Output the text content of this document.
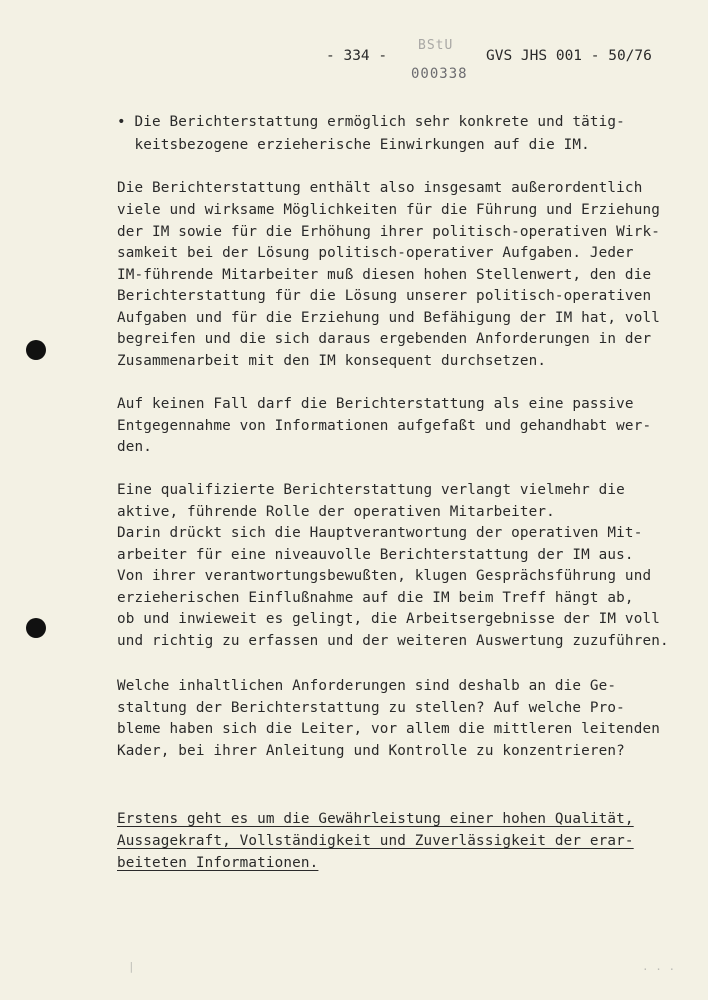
- 334 -
BStU
000338
GVS JHS 001 - 50/76
• Die Berichterstattung ermöglich sehr konkrete und tätig-
keitsbezogene erzieherische Einwirkungen auf die IM.
Die Berichterstattung enthält also insgesamt außerordentlich
viele und wirksame Möglichkeiten für die Führung und Erziehung
der IM sowie für die Erhöhung ihrer politisch-operativen Wirk-
samkeit bei der Lösung politisch-operativer Aufgaben. Jeder
IM-führende Mitarbeiter muß diesen hohen Stellenwert, den die
Berichterstattung für die Lösung unserer politisch-operativen
Aufgaben und für die Erziehung und Befähigung der IM hat, voll
begreifen und die sich daraus ergebenden Anforderungen in der
Zusammenarbeit mit den IM konsequent durchsetzen.
Auf keinen Fall darf die Berichterstattung als eine passive
Entgegennahme von Informationen aufgefaßt und gehandhabt wer-
den.
Eine qualifizierte Berichterstattung verlangt vielmehr die
aktive, führende Rolle der operativen Mitarbeiter.
Darin drückt sich die Hauptverantwortung der operativen Mit-
arbeiter für eine niveauvolle Berichterstattung der IM aus.
Von ihrer verantwortungsbewußten, klugen Gesprächsführung und
erzieherischen Einflußnahme auf die IM beim Treff hängt ab,
ob und inwieweit es gelingt, die Arbeitsergebnisse der IM voll
und richtig zu erfassen und der weiteren Auswertung zuzuführen.
Welche inhaltlichen Anforderungen sind deshalb an die Ge-
staltung der Berichterstattung zu stellen? Auf welche Pro-
bleme haben sich die Leiter, vor allem die mittleren leitenden
Kader, bei ihrer Anleitung und Kontrolle zu konzentrieren?
Erstens geht es um die Gewährleistung einer hohen Qualität,
Aussagekraft, Vollständigkeit und Zuverlässigkeit der erar-
beiteten Informationen.
|	. . .
